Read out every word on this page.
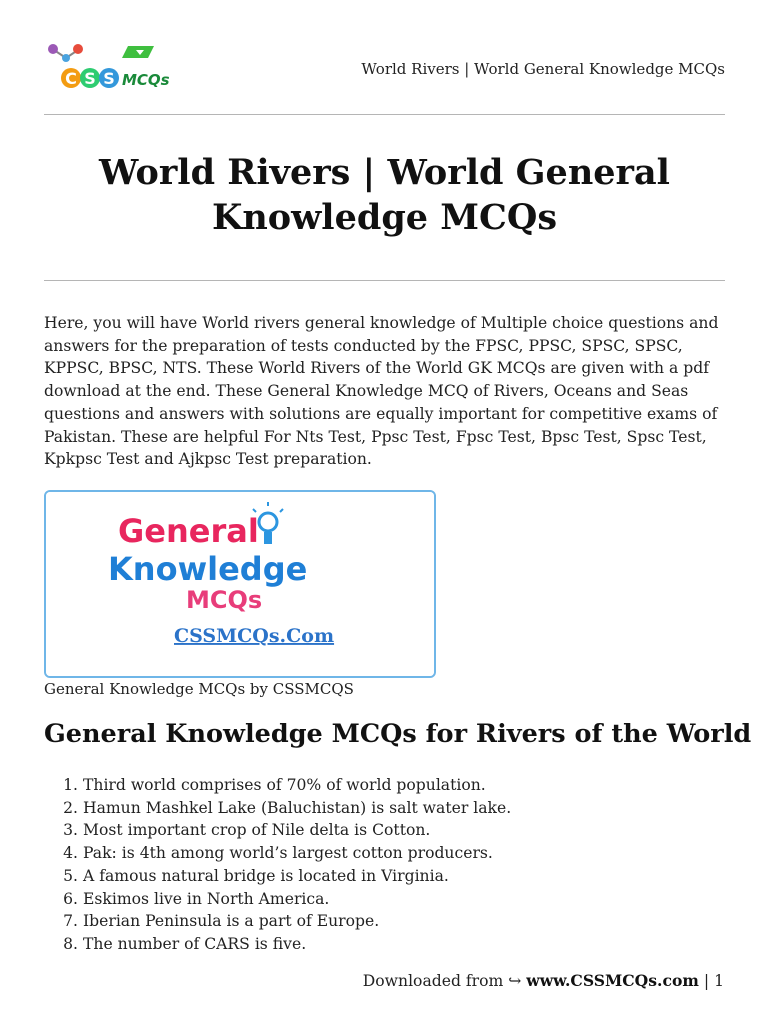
C S S MCQs
World Rivers | World General Knowledge MCQs
World Rivers | World General Knowledge MCQs
Here, you will have World rivers general knowledge of Multiple choice questions and answers for the preparation of tests conducted by the FPSC, PPSC, SPSC, SPSC, KPPSC, BPSC, NTS. These World Rivers of the World GK MCQs are given with a pdf download at the end. These General Knowledge MCQ of Rivers, Oceans and Seas questions and answers with solutions are equally important for competitive exams of Pakistan. These are helpful For Nts Test, Ppsc Test, Fpsc Test, Bpsc Test, Spsc Test, Kpkpsc Test and Ajkpsc Test preparation.
General
Knowledge
MCQs
CSSMCQs.Com
General Knowledge MCQs by CSSMCQS
General Knowledge MCQs for Rivers of the World
1. Third world comprises of 70% of world population.
2. Hamun Mashkel Lake (Baluchistan) is salt water lake.
3. Most important crop of Nile delta is Cotton.
4. Pak: is 4th among world’s largest cotton producers.
5. A famous natural bridge is located in Virginia.
6. Eskimos live in North America.
7. Iberian Peninsula is a part of Europe.
8. The number of CARS is five.
Downloaded from ↪ www.CSSMCQs.com | 1
